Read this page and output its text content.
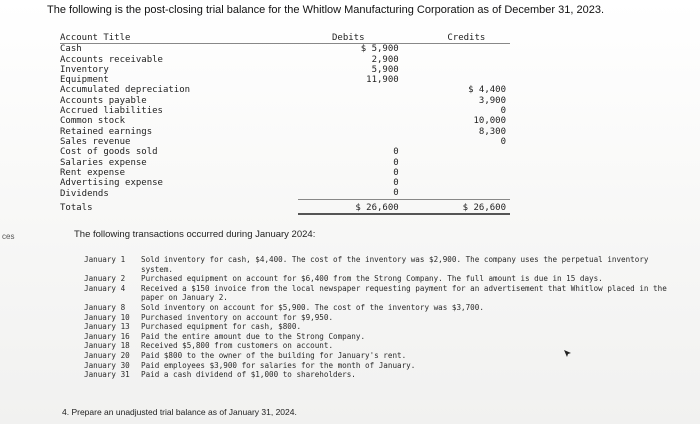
ces
The following is the post-closing trial balance for the Whitlow Manufacturing Corporation as of December 31, 2023.
Account Title	Debits	Credits
Cash	$ 5,900	
Accounts receivable	2,900	
Inventory	5,900	
Equipment	11,900	
Accumulated depreciation		$ 4,400
Accounts payable		3,900
Accrued liabilities		0
Common stock		10,000
Retained earnings		8,300
Sales revenue		0
Cost of goods sold	0	
Salaries expense	0	
Rent expense	0	
Advertising expense	0	
Dividends	0	
Totals	$ 26,600	$ 26,600
The following transactions occurred during January 2024:
January 1	Sold inventory for cash, $4,400. The cost of the inventory was $2,900. The company uses the perpetual inventory system.
January 2	Purchased equipment on account for $6,400 from the Strong Company. The full amount is due in 15 days.
January 4	Received a $150 invoice from the local newspaper requesting payment for an advertisement that Whitlow placed in the paper on January 2.
January 8	Sold inventory on account for $5,900. The cost of the inventory was $3,700.
January 10	Purchased inventory on account for $9,950.
January 13	Purchased equipment for cash, $800.
January 16	Paid the entire amount due to the Strong Company.
January 18	Received $5,800 from customers on account.
January 20	Paid $800 to the owner of the building for January's rent.
January 30	Paid employees $3,900 for salaries for the month of January.
January 31	Paid a cash dividend of $1,000 to shareholders.
4. Prepare an unadjusted trial balance as of January 31, 2024.
